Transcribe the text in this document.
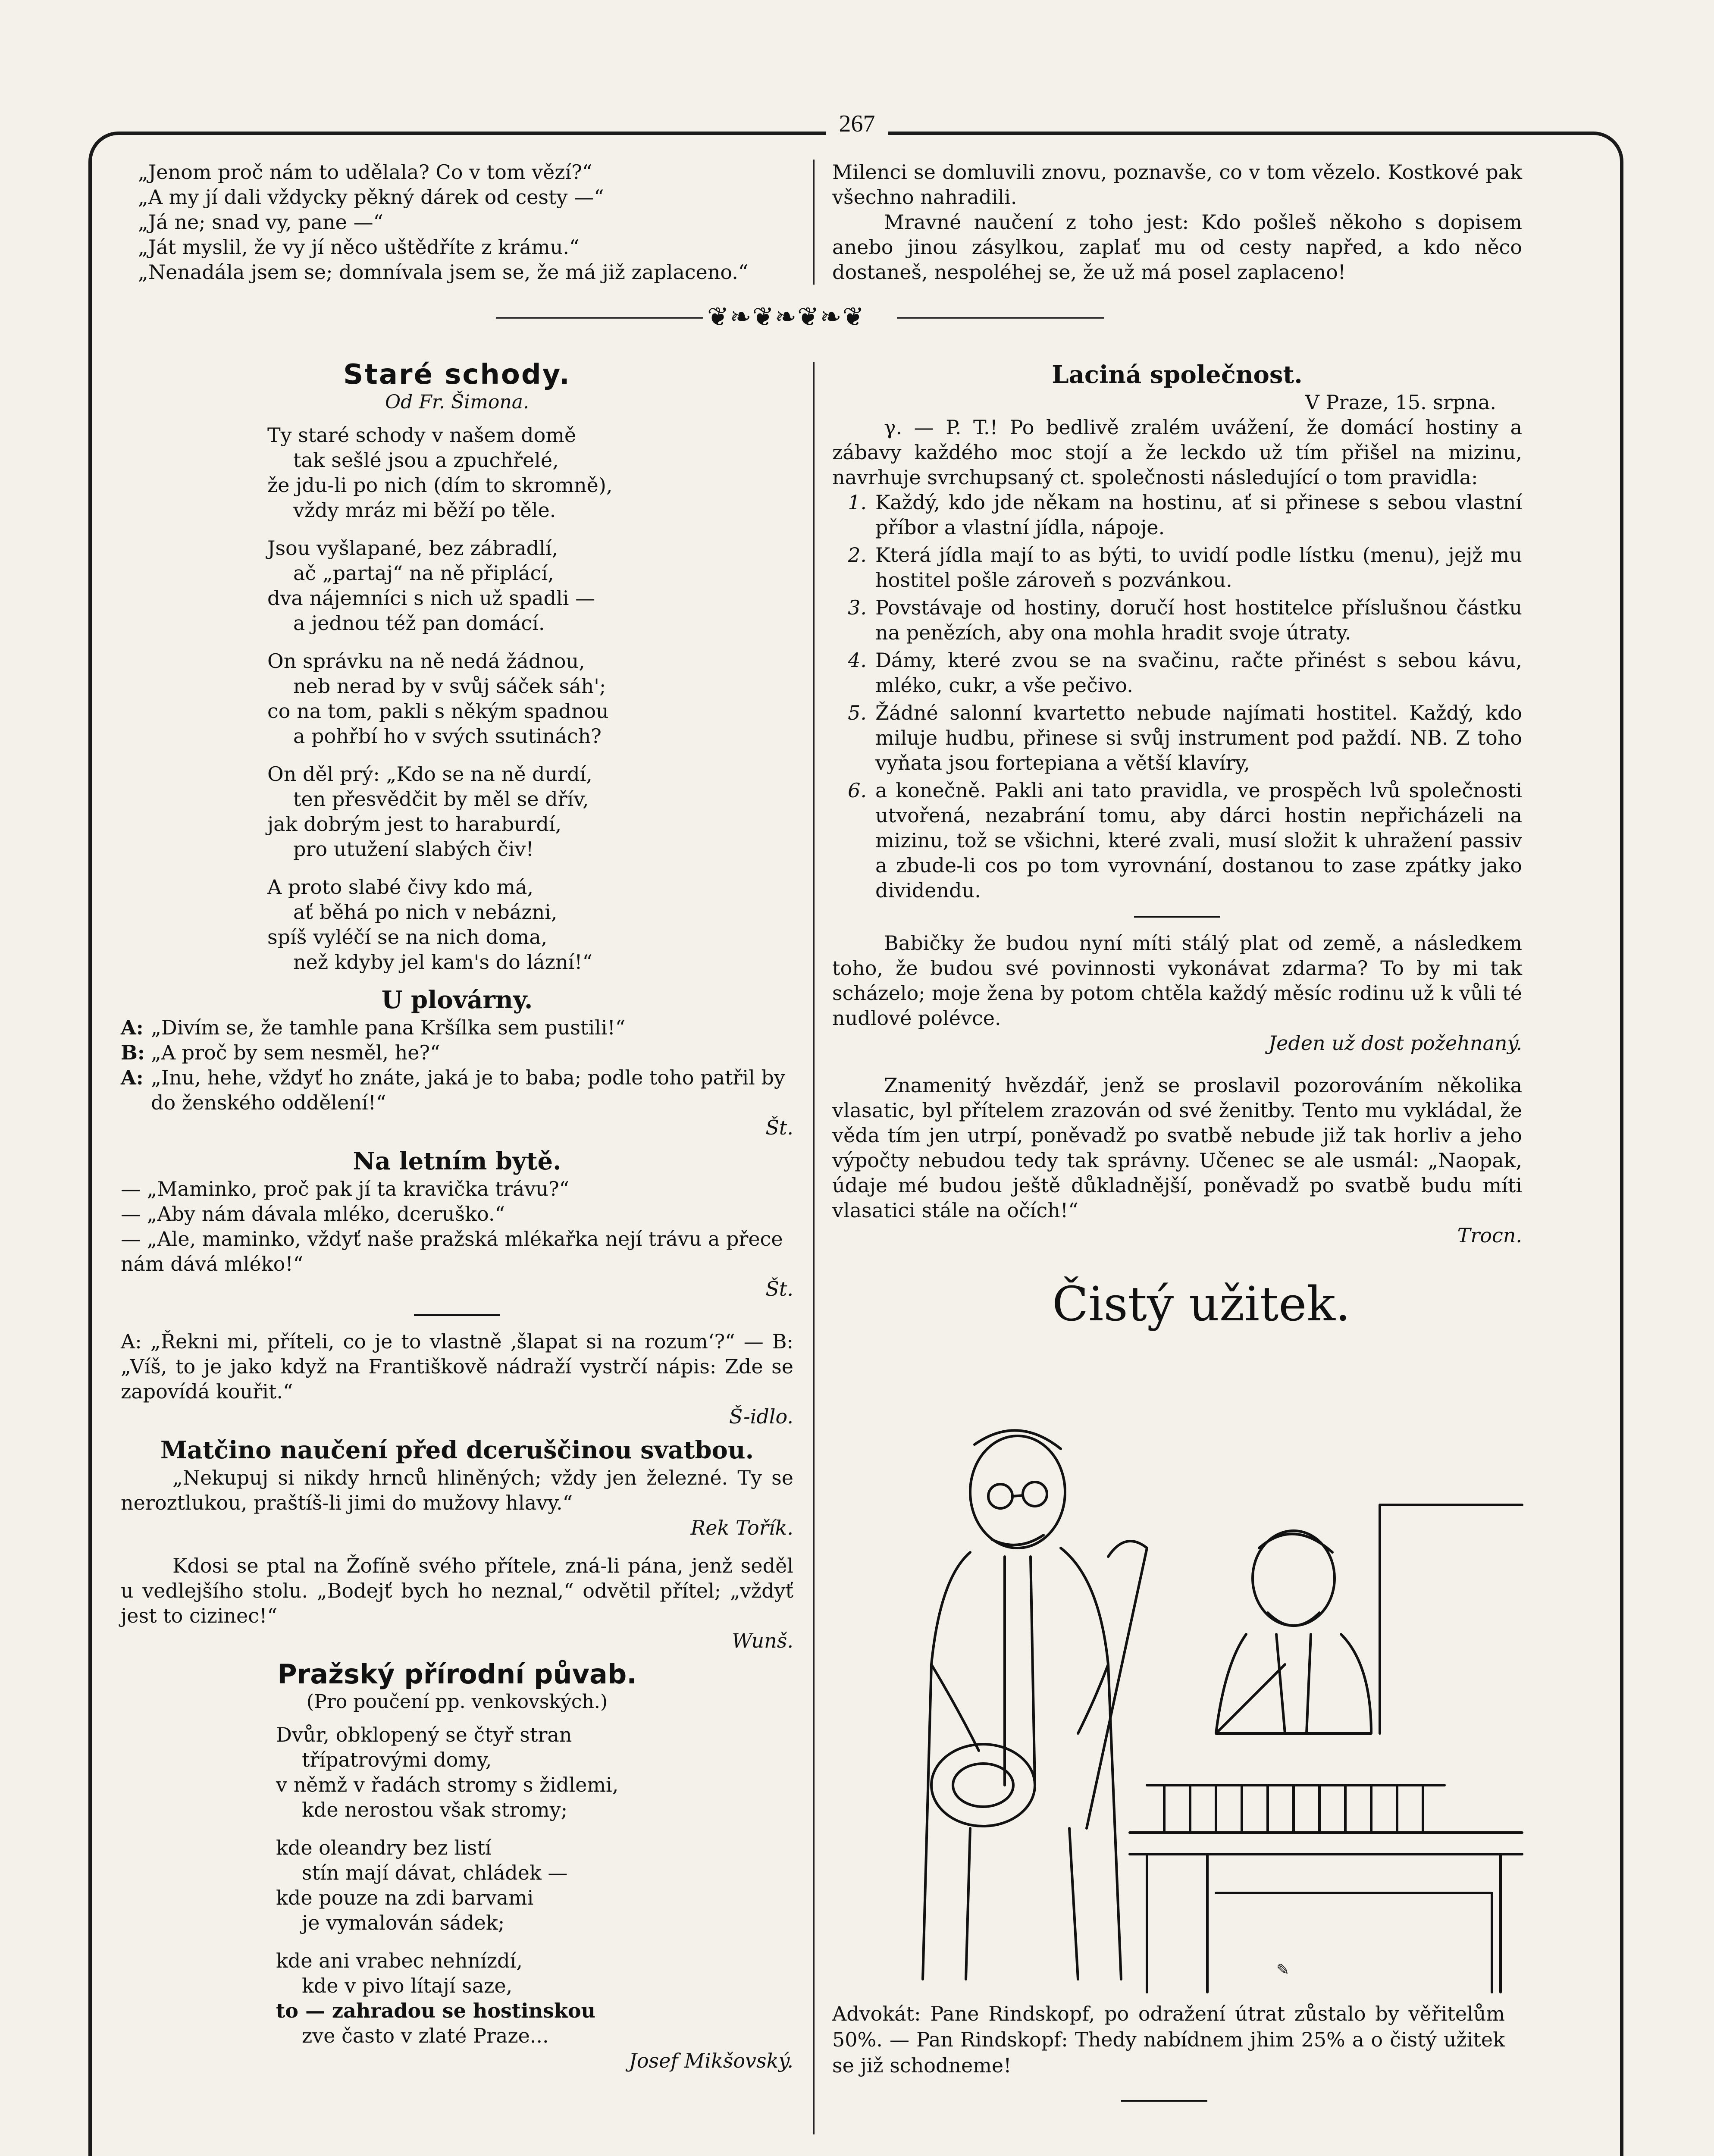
267
„Jenom proč nám to udělala? Co v tom vězí?“
„A my jí dali vždycky pěkný dárek od cesty —“
„Já ne; snad vy, pane —“
„Ját myslil, že vy jí něco uštědříte z krámu.“
„Nenadála jsem se; domnívala jsem se, že má již zaplaceno.“
Milenci se domluvili znovu, poznavše, co v tom vězelo. Kostkové pak všechno nahradili.
Mravné naučení z toho jest: Kdo pošleš někoho s dopisem anebo jinou zásylkou, zaplať mu od cesty napřed, a kdo něco dostaneš, nespoléhej se, že už má posel zaplaceno!
❦❧❦❧❦❧❦
Staré schody.
Od Fr. Šimona.
Ty staré schody v našem domě
tak sešlé jsou a zpuchřelé,
že jdu-li po nich (dím to skromně),
vždy mráz mi běží po těle.
Jsou vyšlapané, bez zábradlí,
ač „partaj“ na ně připlácí,
dva nájemníci s nich už spadli —
a jednou též pan domácí.
On správku na ně nedá žádnou,
neb nerad by v svůj sáček sáh';
co na tom, pakli s někým spadnou
a pohřbí ho v svých ssutinách?
On děl prý: „Kdo se na ně durdí,
ten přesvědčit by měl se dřív,
jak dobrým jest to haraburdí,
pro utužení slabých čiv!
A proto slabé čivy kdo má,
ať běhá po nich v nebázni,
spíš vyléčí se na nich doma,
než kdyby jel kam's do lázní!“
U plovárny.
A: „Divím se, že tamhle pana Kršílka sem pustili!“
B: „A proč by sem nesměl, he?“
A: „Inu, hehe, vždyť ho znáte, jaká je to baba; podle toho patřil by do ženského oddělení!“
Št.
Na letním bytě.
— „Maminko, proč pak jí ta kravička trávu?“
— „Aby nám dávala mléko, dceruško.“
— „Ale, maminko, vždyť naše pražská mlékařka nejí trávu a přece nám dává mléko!“
Št.
A: „Řekni mi, příteli, co je to vlastně ‚šlapat si na rozum‘?“ — B: „Víš, to je jako když na Františkově nádraží vystrčí nápis: Zde se zapovídá kouřit.“
Š-idlo.
Matčino naučení před dceruščinou svatbou.
„Nekupuj si nikdy hrnců hliněných; vždy jen železné. Ty se neroztlukou, praštíš-li jimi do mužovy hlavy.“
Rek Tořík.
Kdosi se ptal na Žofíně svého přítele, zná-li pána, jenž seděl u vedlejšího stolu. „Bodejť bych ho neznal,“ odvětil přítel; „vždyť jest to cizinec!“
Wunš.
Pražský přírodní půvab.
(Pro poučení pp. venkovských.)
Dvůr, obklopený se čtyř stran
třípatrovými domy,
v němž v řadách stromy s židlemi,
kde nerostou však stromy;
kde oleandry bez listí
stín mají dávat, chládek —
kde pouze na zdi barvami
je vymalován sádek;
kde ani vrabec nehnízdí,
kde v pivo lítají saze,
to — zahradou se hostinskou
zve často v zlaté Praze...
Josef Mikšovský.
Laciná společnost.
V Praze, 15. srpna.
γ. — P. T.! Po bedlivě zralém uvážení, že domácí hostiny a zábavy každého moc stojí a že leckdo už tím přišel na mizinu, navrhuje svrchupsaný ct. společnosti následující o tom pravidla:
1. Každý, kdo jde někam na hostinu, ať si přinese s sebou vlastní příbor a vlastní jídla, nápoje.
2. Která jídla mají to as býti, to uvidí podle lístku (menu), jejž mu hostitel pošle zároveň s pozvánkou.
3. Povstávaje od hostiny, doručí host hostitelce příslušnou částku na penězích, aby ona mohla hradit svoje útraty.
4. Dámy, které zvou se na svačinu, račte přinést s sebou kávu, mléko, cukr, a vše pečivo.
5. Žádné salonní kvartetto nebude najímati hostitel. Každý, kdo miluje hudbu, přinese si svůj instrument pod paždí. NB. Z toho vyňata jsou fortepiana a větší klavíry,
6. a konečně. Pakli ani tato pravidla, ve prospěch lvů společnosti utvořená, nezabrání tomu, aby dárci hostin nepřicházeli na mizinu, tož se všichni, které zvali, musí složit k uhražení passiv a zbude-li cos po tom vyrovnání, dostanou to zase zpátky jako dividendu.
Babičky že budou nyní míti stálý plat od země, a následkem toho, že budou své povinnosti vykonávat zdarma? To by mi tak scházelo; moje žena by potom chtěla každý měsíc rodinu už k vůli té nudlové polévce.
Jeden už dost požehnaný.
Znamenitý hvězdář, jenž se proslavil pozorováním několika vlasatic, byl přítelem zrazován od své ženitby. Tento mu vykládal, že věda tím jen utrpí, poněvadž po svatbě nebude již tak horliv a jeho výpočty nebudou tedy tak správny. Učenec se ale usmál: „Naopak, údaje mé budou ještě důkladnější, poněvadž po svatbě budu míti vlasatici stále na očích!“
Trocn.
Čistý užitek.
✎
Advokát: Pane Rindskopf, po odražení útrat zůstalo by věřitelům 50%. — Pan Rindskopf: Thedy nabídnem jhim 25% a o čistý užitek se již schodneme!
